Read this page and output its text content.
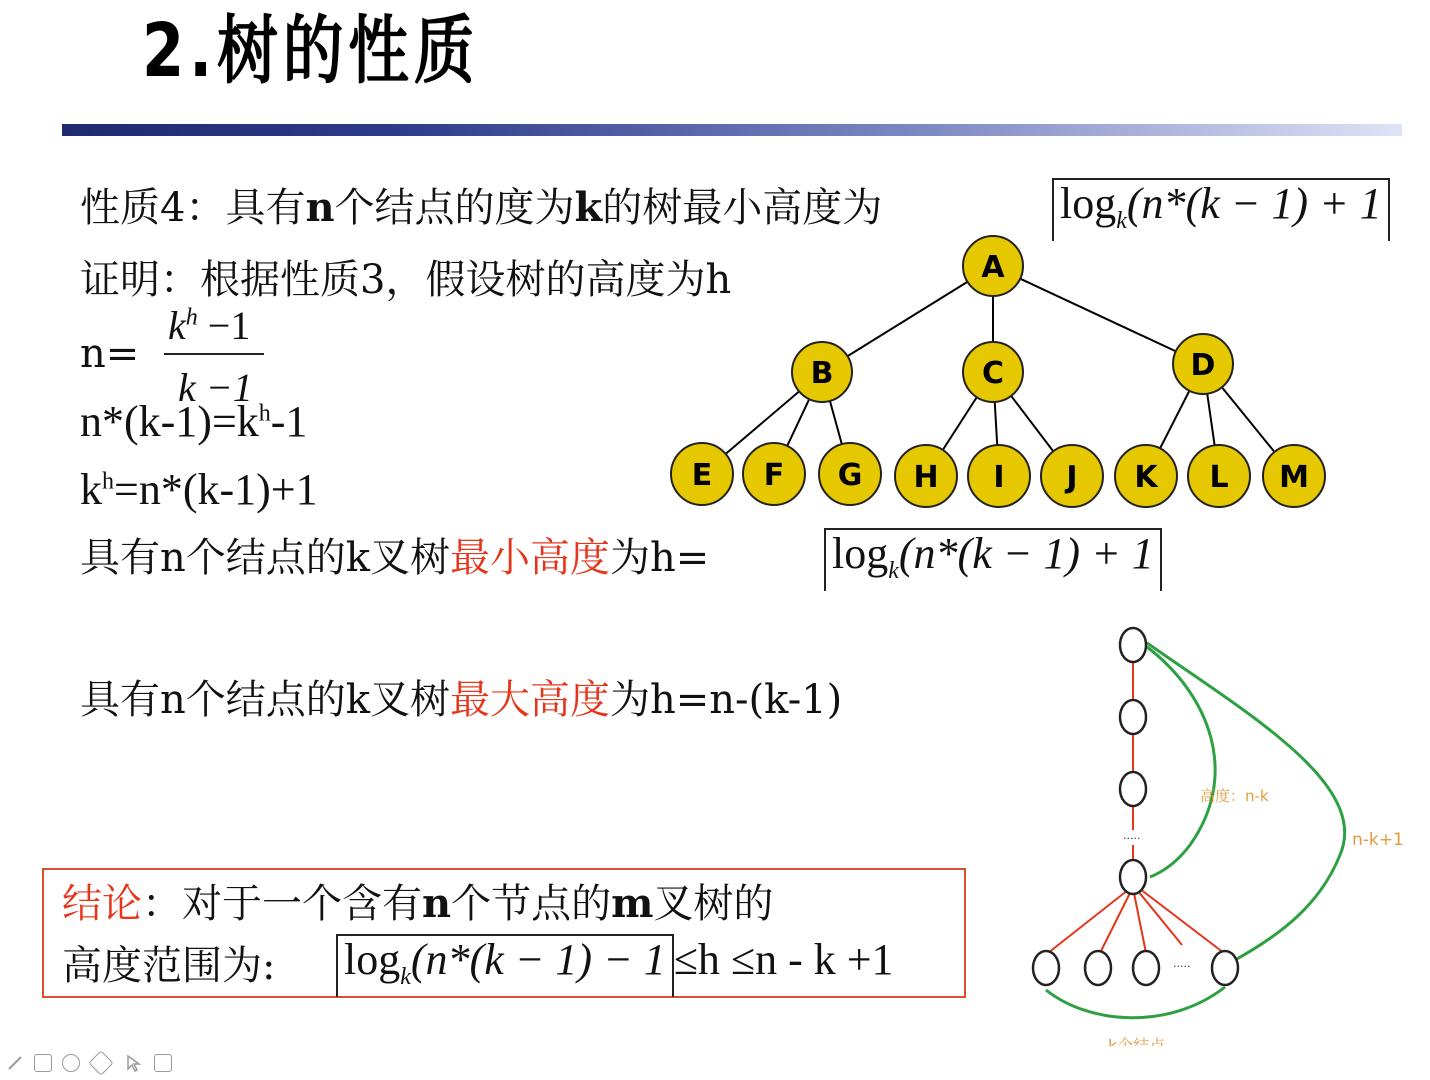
2.树的性质
性质4：具有n个结点的度为k的树最小高度为	$\log_k(n*(k - 1) + 1$
证明：根据性质3，假设树的高度为h
n=
$k^h -1$
k −1
$n*(k-1)=k^h-1$
$k^h=n*(k-1)+1$
具有n个结点的k叉树最小高度为h=	$\log_k(n*(k - 1) + 1$
具有n个结点的k叉树最大高度为h=n-(k-1)
结论：对于一个含有n个节点的m叉树的
高度范围为: $\log_k(n*(k - 1) - 1 \le h \le n - k +1$
A
B	C	D
E F G H I J K L M
.....
.....
高度：n-k
n-k+1
